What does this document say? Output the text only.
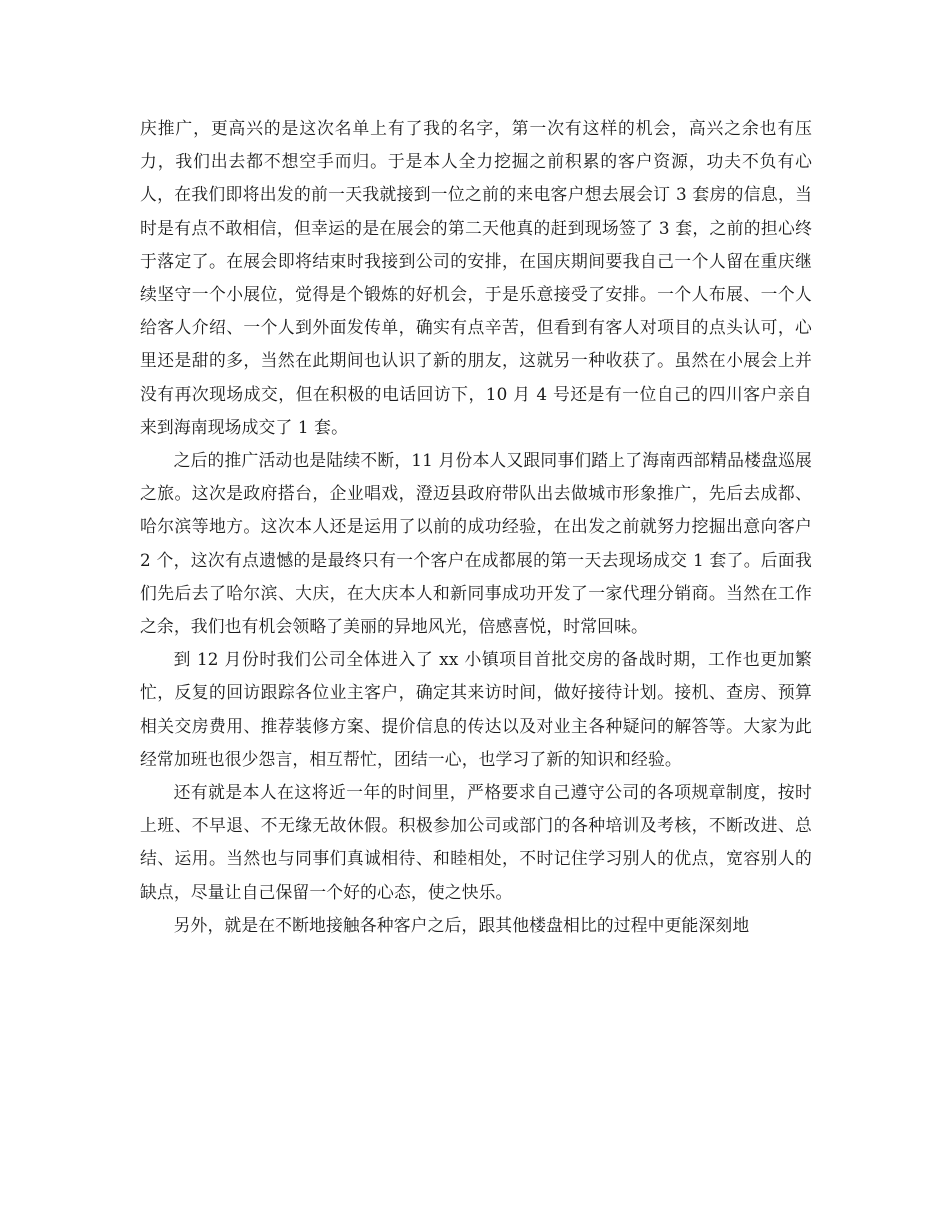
庆推广，更高兴的是这次名单上有了我的名字，第一次有这样的机会，高兴之余也有压力，我们出去都不想空手而归。于是本人全力挖掘之前积累的客户资源，功夫不负有心人，在我们即将出发的前一天我就接到一位之前的来电客户想去展会订 3 套房的信息，当时是有点不敢相信，但幸运的是在展会的第二天他真的赶到现场签了 3 套，之前的担心终于落定了。在展会即将结束时我接到公司的安排，在国庆期间要我自己一个人留在重庆继续坚守一个小展位，觉得是个锻炼的好机会，于是乐意接受了安排。一个人布展、一个人给客人介绍、一个人到外面发传单，确实有点辛苦，但看到有客人对项目的点头认可，心里还是甜的多，当然在此期间也认识了新的朋友，这就另一种收获了。虽然在小展会上并没有再次现场成交，但在积极的电话回访下，10 月 4 号还是有一位自己的四川客户亲自来到海南现场成交了 1 套。

之后的推广活动也是陆续不断，11 月份本人又跟同事们踏上了海南西部精品楼盘巡展之旅。这次是政府搭台，企业唱戏，澄迈县政府带队出去做城市形象推广，先后去成都、哈尔滨等地方。这次本人还是运用了以前的成功经验，在出发之前就努力挖掘出意向客户 2 个，这次有点遗憾的是最终只有一个客户在成都展的第一天去现场成交 1 套了。后面我们先后去了哈尔滨、大庆，在大庆本人和新同事成功开发了一家代理分销商。当然在工作之余，我们也有机会领略了美丽的异地风光，倍感喜悦，时常回味。

到 12 月份时我们公司全体进入了 xx 小镇项目首批交房的备战时期，工作也更加繁忙，反复的回访跟踪各位业主客户，确定其来访时间，做好接待计划。接机、查房、预算相关交房费用、推荐装修方案、提价信息的传达以及对业主各种疑问的解答等。大家为此经常加班也很少怨言，相互帮忙，团结一心，也学习了新的知识和经验。

还有就是本人在这将近一年的时间里，严格要求自己遵守公司的各项规章制度，按时上班、不早退、不无缘无故休假。积极参加公司或部门的各种培训及考核，不断改进、总结、运用。当然也与同事们真诚相待、和睦相处，不时记住学习别人的优点，宽容别人的缺点，尽量让自己保留一个好的心态，使之快乐。

另外，就是在不断地接触各种客户之后，跟其他楼盘相比的过程中更能深刻地
